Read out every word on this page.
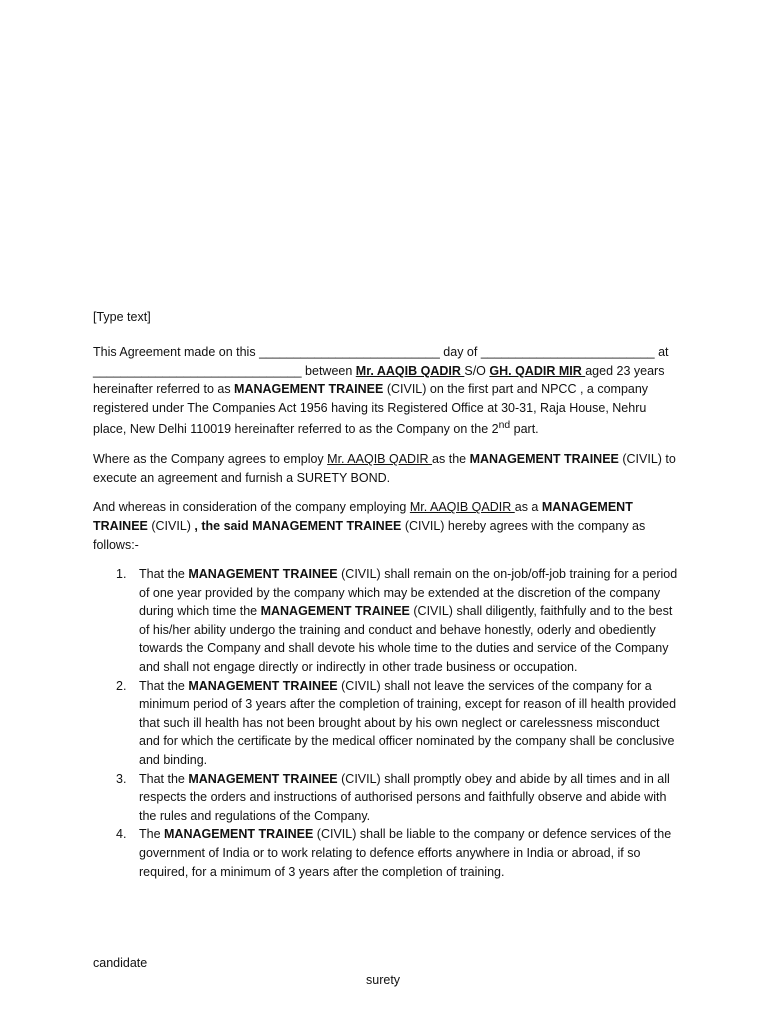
[Type text]

This Agreement made on this __________________________ day of _________________________ at ______________________________ between Mr. AAQIB QADIR S/O GH. QADIR MIR aged 23 years hereinafter referred to as MANAGEMENT TRAINEE (CIVIL) on the first part and NPCC , a company registered under The Companies Act 1956 having its Registered Office at 30-31, Raja House, Nehru place, New Delhi 110019 hereinafter referred to as the Company on the 2nd part.

Where as the Company agrees to employ Mr. AAQIB QADIR as the MANAGEMENT TRAINEE (CIVIL) to execute an agreement and furnish a SURETY BOND.

And whereas in consideration of the company employing Mr. AAQIB QADIR as a MANAGEMENT TRAINEE (CIVIL) , the said MANAGEMENT TRAINEE (CIVIL) hereby agrees with the company as follows:-

1. That the MANAGEMENT TRAINEE (CIVIL) shall remain on the on-job/off-job training for a period of one year provided by the company which may be extended at the discretion of the company during which time the MANAGEMENT TRAINEE (CIVIL) shall diligently, faithfully and to the best of his/her ability undergo the training and conduct and behave honestly, oderly and obediently towards the Company and shall devote his whole time to the duties and service of the Company and shall not engage directly or indirectly in other trade business or occupation.
2. That the MANAGEMENT TRAINEE (CIVIL) shall not leave the services of the company for a minimum period of 3 years after the completion of training, except for reason of ill health provided that such ill health has not been brought about by his own neglect or carelessness misconduct and for which the certificate by the medical officer nominated by the company shall be conclusive and binding.
3. That the MANAGEMENT TRAINEE (CIVIL) shall promptly obey and abide by all times and in all respects the orders and instructions of authorised persons and faithfully observe and abide with the rules and regulations of the Company.
4. The MANAGEMENT TRAINEE (CIVIL) shall be liable to the company or defence services of the government of India or to work relating to defence efforts anywhere in India or abroad, if so required, for a minimum of 3 years after the completion of training.
candidate
surety
